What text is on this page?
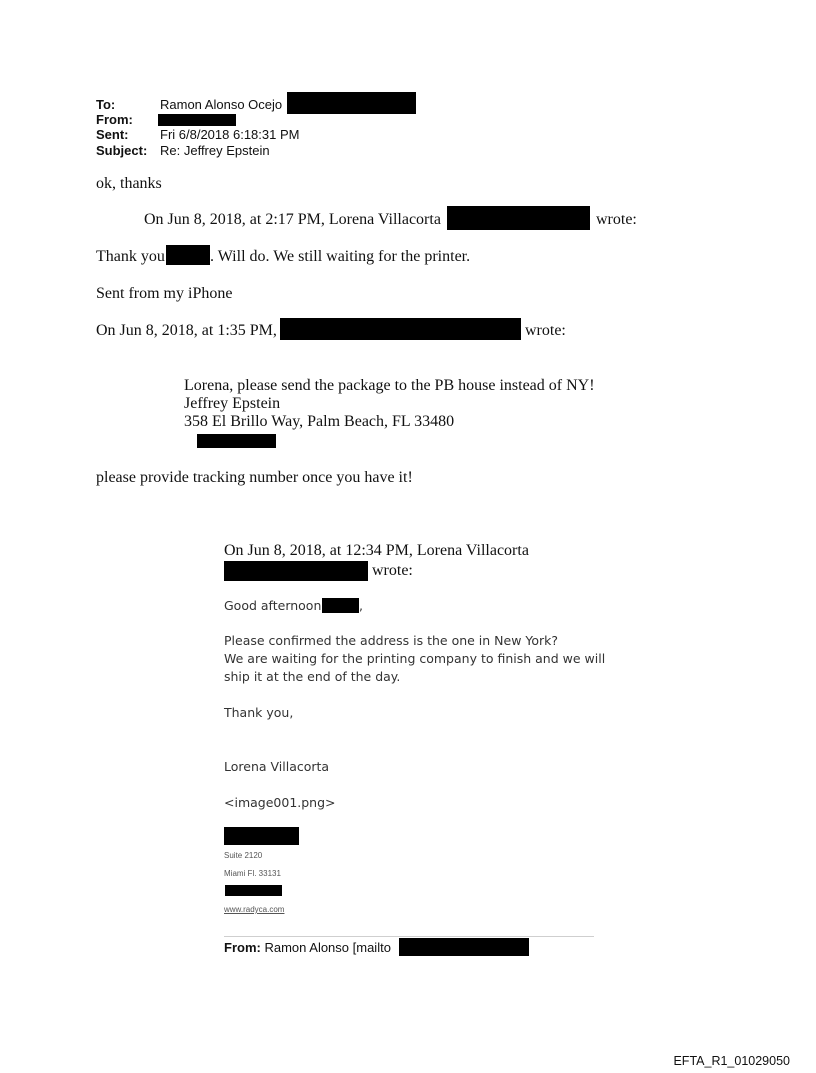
To:	Ramon Alonso Ocejo
From:
Sent: Fri 6/8/2018 6:18:31 PM
Subject: Re: Jeffrey Epstein
ok, thanks
On Jun 8, 2018, at 2:17 PM, Lorena Villacorta	wrote:
Thank you	. Will do. We still waiting for the printer.
Sent from my iPhone
On Jun 8, 2018, at 1:35 PM,	wrote:
Lorena, please send the package to the PB house instead of NY!
Jeffrey Epstein
358 El Brillo Way, Palm Beach, FL 33480
please provide tracking number once you have it!
On Jun 8, 2018, at 12:34 PM, Lorena Villacorta
wrote:
Good afternoon	,
Please confirmed the address is the one in New York?
We are waiting for the printing company to finish and we will
ship it at the end of the day.
Thank you,
Lorena Villacorta
<image001.png>
Suite 2120
Miami Fl. 33131
www.radyca.com
From: Ramon Alonso [mailto
EFTA_R1_01029050
